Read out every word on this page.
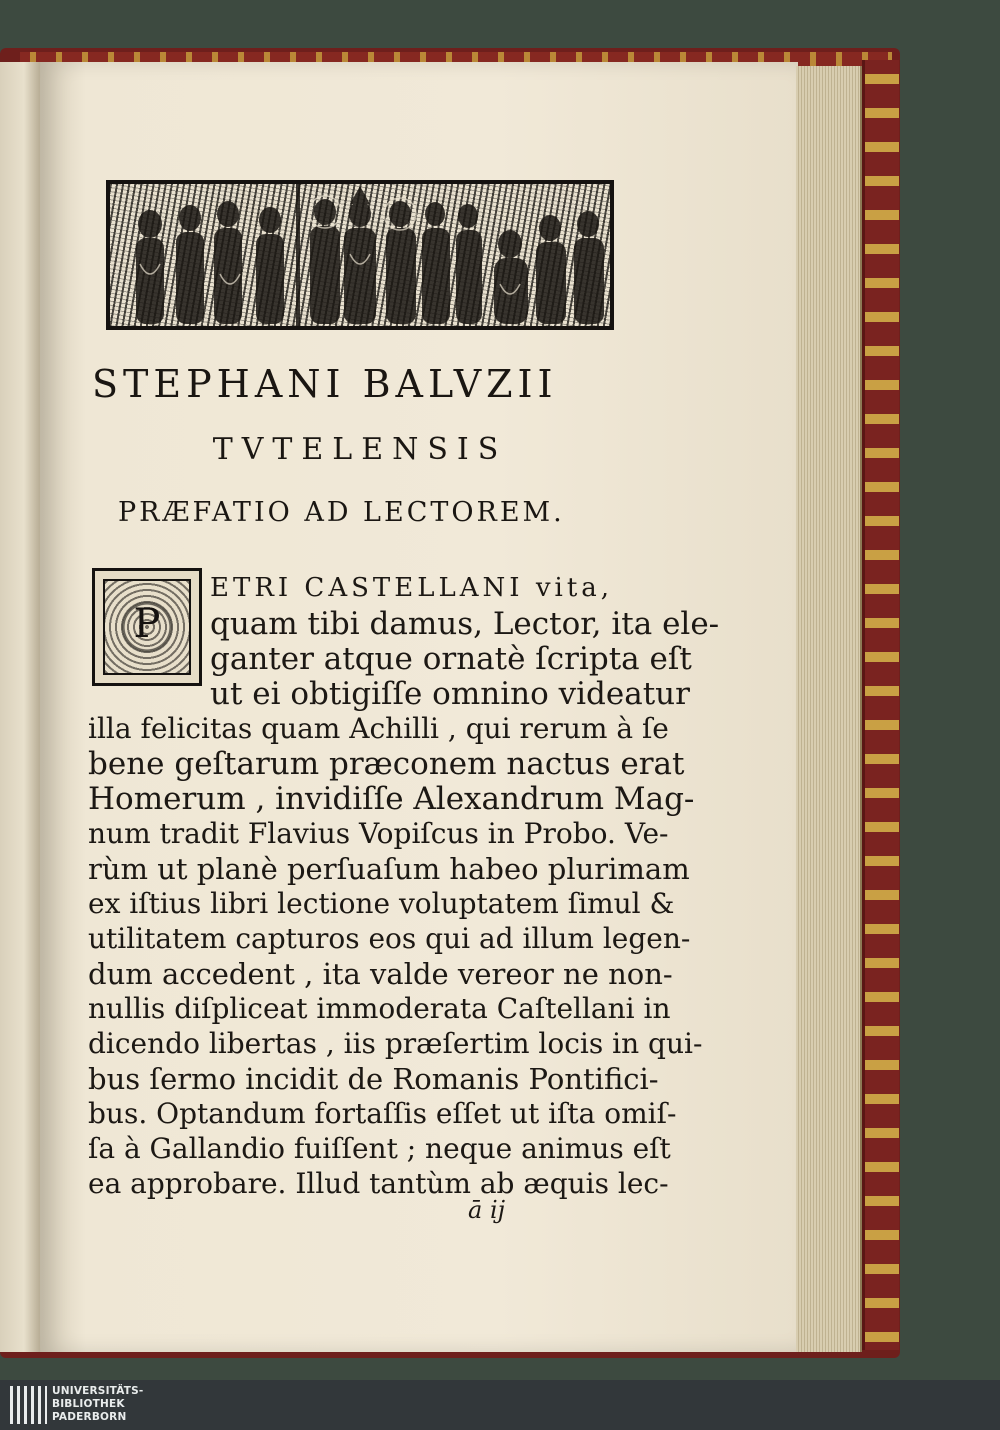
STEPHANI BALVZII
TVTELENSIS
PRÆFATIO AD LECTOREM.
P
ETRI CASTELLANI vita,
quam tibi damus, Lector, ita ele-
ganter atque ornatè ſcripta eſt
ut ei obtigiſſe omnino videatur
illa felicitas quam Achilli , qui rerum à ſe
bene geſtarum præconem nactus erat
Homerum , invidiſſe Alexandrum Mag-
num tradit Flavius Vopiſcus in Probo. Ve-
rùm ut planè perſuaſum habeo plurimam
ex iſtius libri lectione voluptatem ſimul &
utilitatem capturos eos qui ad illum legen-
dum accedent , ita valde vereor ne non-
nullis diſpliceat immoderata Caſtellani in
dicendo libertas , iis præſertim locis in qui-
bus ſermo incidit de Romanis Pontifici-
bus. Optandum fortaſſis eſſet ut iſta omiſ-
ſa à Gallandio fuiſſent ; neque animus eſt
ea approbare. Illud tantùm ab æquis lec-
ā ij
UNIVERSITÄTS-
BIBLIOTHEK
PADERBORN
